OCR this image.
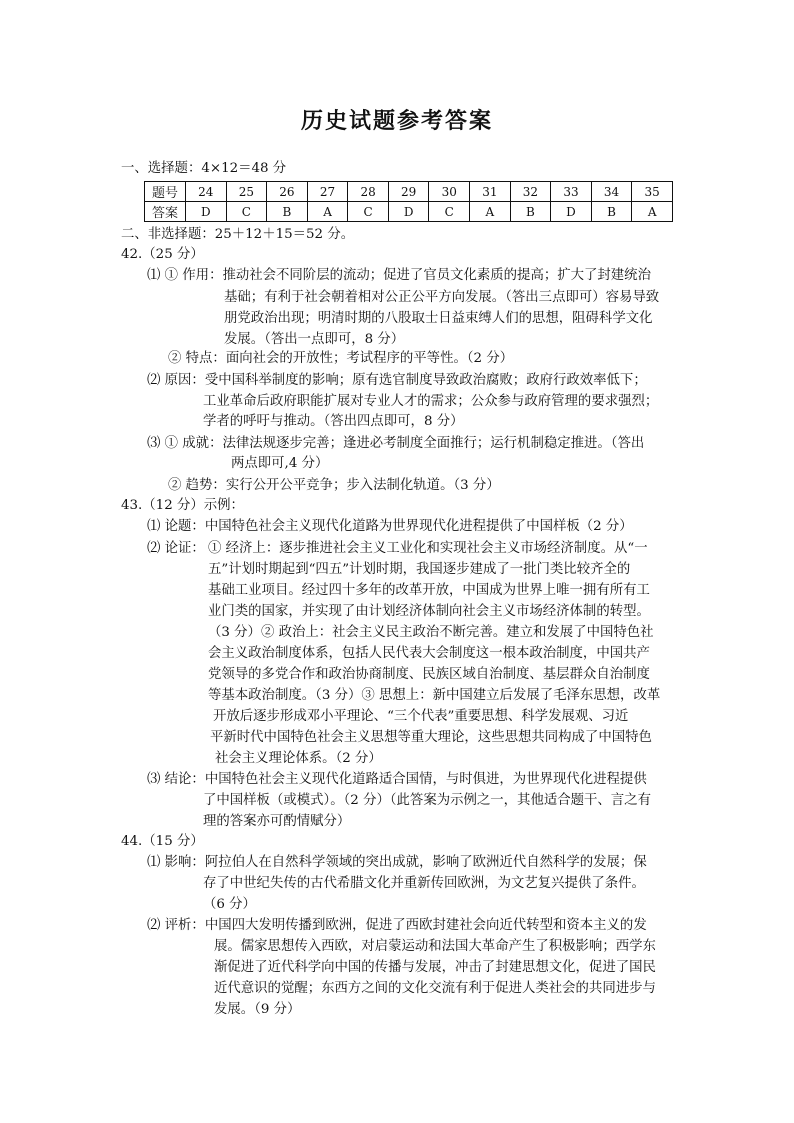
历史试题参考答案
一、选择题：4×12＝48 分
题号	24	25	26	27	28	29	30	31	32	33	34	35
答案	D	C	B	A	C	D	C	A	B	D	B	A
二、非选择题：25＋12＋15＝52 分。
42.（25 分）
⑴ ① 作用：推动社会不同阶层的流动；促进了官员文化素质的提高；扩大了封建统治
基础；有利于社会朝着相对公正公平方向发展。（答出三点即可）容易导致
朋党政治出现；明清时期的八股取士日益束缚人们的思想，阻碍科学文化
发展。（答出一点即可，8 分）
② 特点：面向社会的开放性；考试程序的平等性。（2 分）
⑵ 原因：受中国科举制度的影响；原有选官制度导致政治腐败；政府行政效率低下；
工业革命后政府职能扩展对专业人才的需求；公众参与政府管理的要求强烈；
学者的呼吁与推动。（答出四点即可，8 分）
⑶ ① 成就：法律法规逐步完善；逢进必考制度全面推行；运行机制稳定推进。（答出
两点即可,4 分）
② 趋势：实行公开公平竞争；步入法制化轨道。（3 分）
43.（12 分）示例：
⑴ 论题：中国特色社会主义现代化道路为世界现代化进程提供了中国样板（2 分）
⑵ 论证： ① 经济上：逐步推进社会主义工业化和实现社会主义市场经济制度。从“一
五”计划时期起到“四五”计划时期，我国逐步建成了一批门类比较齐全的
基础工业项目。经过四十多年的改革开放，中国成为世界上唯一拥有所有工
业门类的国家，并实现了由计划经济体制向社会主义市场经济体制的转型。
（3 分）② 政治上：社会主义民主政治不断完善。建立和发展了中国特色社
会主义政治制度体系，包括人民代表大会制度这一根本政治制度，中国共产
党领导的多党合作和政治协商制度、民族区域自治制度、基层群众自治制度
等基本政治制度。（3 分）③ 思想上：新中国建立后发展了毛泽东思想，改革
开放后逐步形成邓小平理论、“三个代表”重要思想、科学发展观、习近
平新时代中国特色社会主义思想等重大理论，这些思想共同构成了中国特色
社会主义理论体系。（2 分）
⑶ 结论：中国特色社会主义现代化道路适合国情，与时俱进，为世界现代化进程提供
了中国样板（或模式）。（2 分）（此答案为示例之一，其他适合题干、言之有
理的答案亦可酌情赋分）
44.（15 分）
⑴ 影响：阿拉伯人在自然科学领域的突出成就，影响了欧洲近代自然科学的发展；保
存了中世纪失传的古代希腊文化并重新传回欧洲，为文艺复兴提供了条件。
（6 分）
⑵ 评析：中国四大发明传播到欧洲，促进了西欧封建社会向近代转型和资本主义的发
展。儒家思想传入西欧，对启蒙运动和法国大革命产生了积极影响；西学东
渐促进了近代科学向中国的传播与发展，冲击了封建思想文化，促进了国民
近代意识的觉醒；东西方之间的文化交流有利于促进人类社会的共同进步与
发展。（9 分）
